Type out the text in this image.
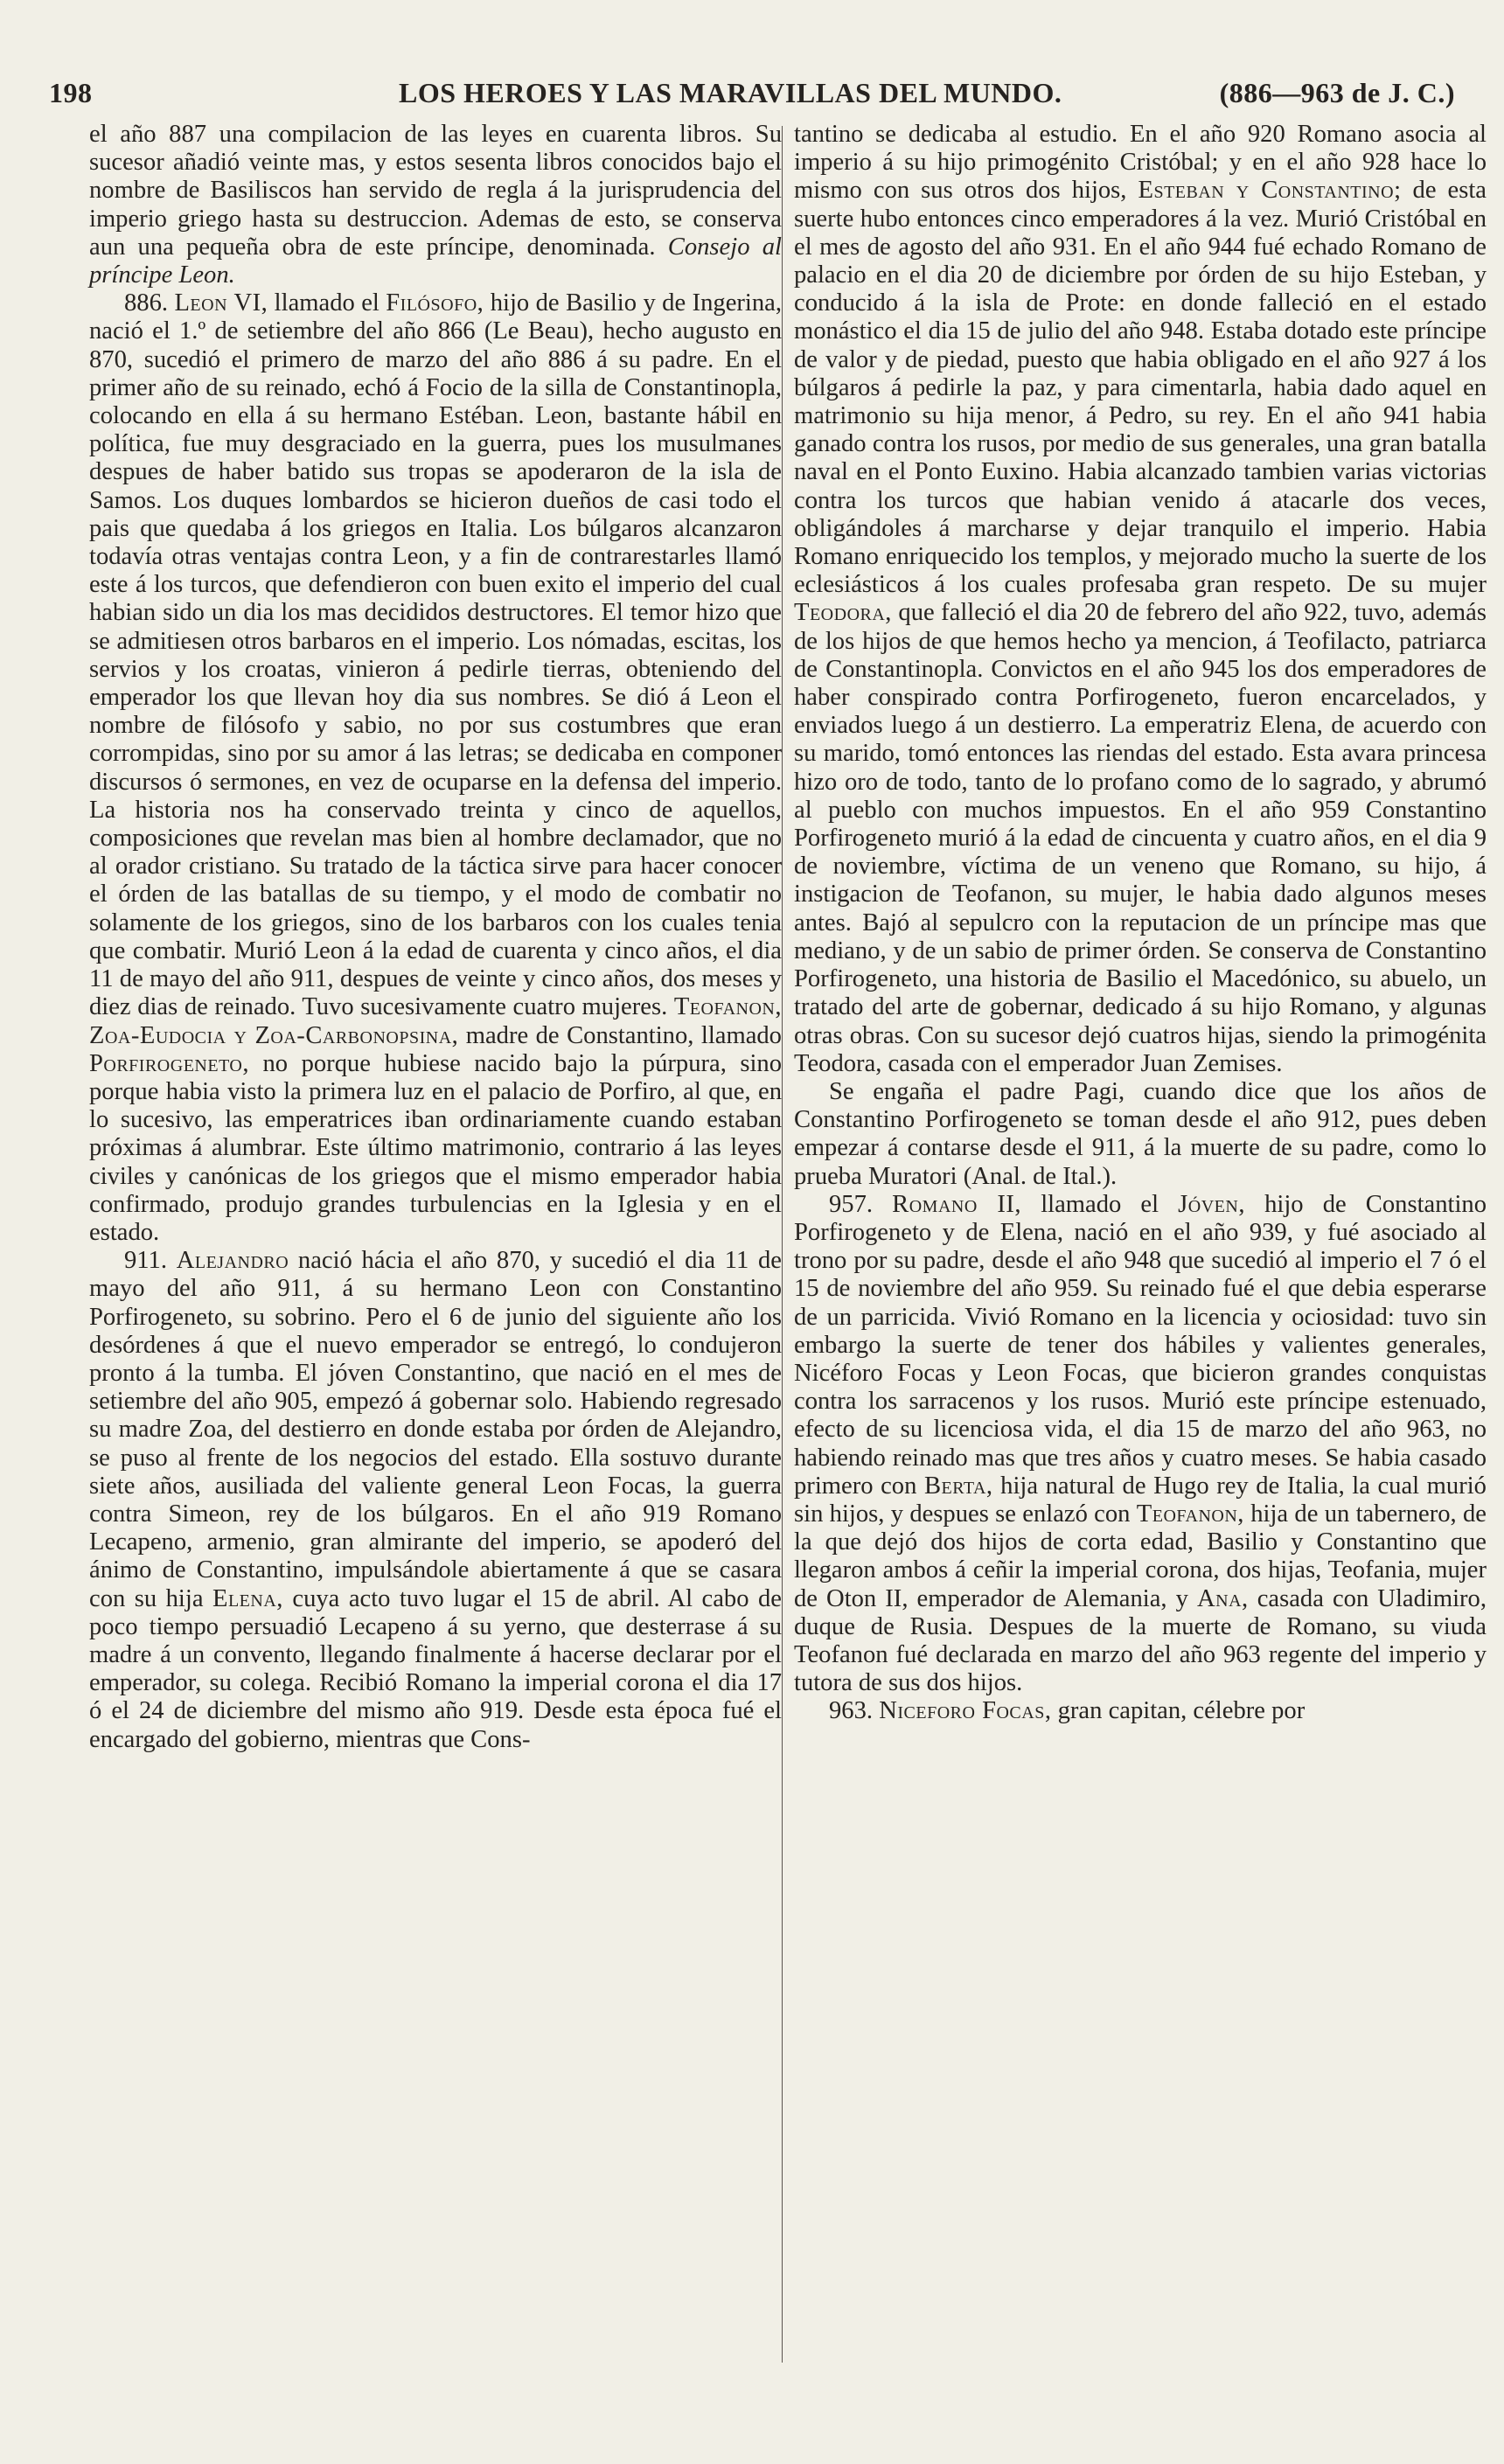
198	LOS HEROES Y LAS MARAVILLAS DEL MUNDO.	(886—963 de J. C.)

el año 887 una compilacion de las leyes en cuarenta libros. Su sucesor añadió veinte mas, y estos sesenta libros conocidos bajo el nombre de Basiliscos han servido de regla á la jurisprudencia del imperio griego hasta su destruccion. Ademas de esto, se conserva aun una pequeña obra de este príncipe, denominada. Consejo al príncipe Leon.

886. Leon VI, llamado el Filósofo, hijo de Basilio y de Ingerina, nació el 1.º de setiembre del año 866 (Le Beau), hecho augusto en 870, sucedió el primero de marzo del año 886 á su padre. En el primer año de su reinado, echó á Focio de la silla de Constantinopla, colocando en ella á su hermano Estéban. Leon, bastante hábil en política, fue muy desgraciado en la guerra, pues los musulmanes despues de haber batido sus tropas se apoderaron de la isla de Samos. Los duques lombardos se hicieron dueños de casi todo el pais que quedaba á los griegos en Italia. Los búlgaros alcanzaron todavía otras ventajas contra Leon, y a fin de contrarestarles llamó este á los turcos, que defendieron con buen exito el imperio del cual habian sido un dia los mas decididos destructores. El temor hizo que se admitiesen otros barbaros en el imperio. Los nómadas, escitas, los servios y los croatas, vinieron á pedirle tierras, obteniendo del emperador los que llevan hoy dia sus nombres. Se dió á Leon el nombre de filósofo y sabio, no por sus costumbres que eran corrompidas, sino por su amor á las letras; se dedicaba en componer discursos ó sermones, en vez de ocuparse en la defensa del imperio. La historia nos ha conservado treinta y cinco de aquellos, composiciones que revelan mas bien al hombre declamador, que no al orador cristiano. Su tratado de la táctica sirve para hacer conocer el órden de las batallas de su tiempo, y el modo de combatir no solamente de los griegos, sino de los barbaros con los cuales tenia que combatir. Murió Leon á la edad de cuarenta y cinco años, el dia 11 de mayo del año 911, despues de veinte y cinco años, dos meses y diez dias de reinado. Tuvo sucesivamente cuatro mujeres. Teofanon, Zoa-Eudocia y Zoa-Carbonopsina, madre de Constantino, llamado Porfirogeneto, no porque hubiese nacido bajo la púrpura, sino porque habia visto la primera luz en el palacio de Porfiro, al que, en lo sucesivo, las emperatrices iban ordinariamente cuando estaban próximas á alumbrar. Este último matrimonio, contrario á las leyes civiles y canónicas de los griegos que el mismo emperador habia confirmado, produjo grandes turbulencias en la Iglesia y en el estado.

911. Alejandro nació hácia el año 870, y sucedió el dia 11 de mayo del año 911, á su hermano Leon con Constantino Porfirogeneto, su sobrino. Pero el 6 de junio del siguiente año los desórdenes á que el nuevo emperador se entregó, lo condujeron pronto á la tumba. El jóven Constantino, que nació en el mes de setiembre del año 905, empezó á gobernar solo. Habiendo regresado su madre Zoa, del destierro en donde estaba por órden de Alejandro, se puso al frente de los negocios del estado. Ella sostuvo durante siete años, ausiliada del valiente general Leon Focas, la guerra contra Simeon, rey de los búlgaros. En el año 919 Romano Lecapeno, armenio, gran almirante del imperio, se apoderó del ánimo de Constantino, impulsándole abiertamente á que se casara con su hija Elena, cuya acto tuvo lugar el 15 de abril. Al cabo de poco tiempo persuadió Lecapeno á su yerno, que desterrase á su madre á un convento, llegando finalmente á hacerse declarar por el emperador, su colega. Recibió Romano la imperial corona el dia 17 ó el 24 de diciembre del mismo año 919. Desde esta época fué el encargado del gobierno, mientras que Cons-

tantino se dedicaba al estudio. En el año 920 Romano asocia al imperio á su hijo primogénito Cristóbal; y en el año 928 hace lo mismo con sus otros dos hijos, Esteban y Constantino; de esta suerte hubo entonces cinco emperadores á la vez. Murió Cristóbal en el mes de agosto del año 931. En el año 944 fué echado Romano de palacio en el dia 20 de diciembre por órden de su hijo Esteban, y conducido á la isla de Prote: en donde falleció en el estado monástico el dia 15 de julio del año 948. Estaba dotado este príncipe de valor y de piedad, puesto que habia obligado en el año 927 á los búlgaros á pedirle la paz, y para cimentarla, habia dado aquel en matrimonio su hija menor, á Pedro, su rey. En el año 941 habia ganado contra los rusos, por medio de sus generales, una gran batalla naval en el Ponto Euxino. Habia alcanzado tambien varias victorias contra los turcos que habian venido á atacarle dos veces, obligándoles á marcharse y dejar tranquilo el imperio. Habia Romano enriquecido los templos, y mejorado mucho la suerte de los eclesiásticos á los cuales profesaba gran respeto. De su mujer Teodora, que falleció el dia 20 de febrero del año 922, tuvo, además de los hijos de que hemos hecho ya mencion, á Teofilacto, patriarca de Constantinopla. Convictos en el año 945 los dos emperadores de haber conspirado contra Porfirogeneto, fueron encarcelados, y enviados luego á un destierro. La emperatriz Elena, de acuerdo con su marido, tomó entonces las riendas del estado. Esta avara princesa hizo oro de todo, tanto de lo profano como de lo sagrado, y abrumó al pueblo con muchos impuestos. En el año 959 Constantino Porfirogeneto murió á la edad de cincuenta y cuatro años, en el dia 9 de noviembre, víctima de un veneno que Romano, su hijo, á instigacion de Teofanon, su mujer, le habia dado algunos meses antes. Bajó al sepulcro con la reputacion de un príncipe mas que mediano, y de un sabio de primer órden. Se conserva de Constantino Porfirogeneto, una historia de Basilio el Macedónico, su abuelo, un tratado del arte de gobernar, dedicado á su hijo Romano, y algunas otras obras. Con su sucesor dejó cuatros hijas, siendo la primogénita Teodora, casada con el emperador Juan Zemises.

Se engaña el padre Pagi, cuando dice que los años de Constantino Porfirogeneto se toman desde el año 912, pues deben empezar á contarse desde el 911, á la muerte de su padre, como lo prueba Muratori (Anal. de Ital.).

957. Romano II, llamado el Jóven, hijo de Constantino Porfirogeneto y de Elena, nació en el año 939, y fué asociado al trono por su padre, desde el año 948 que sucedió al imperio el 7 ó el 15 de noviembre del año 959. Su reinado fué el que debia esperarse de un parricida. Vivió Romano en la licencia y ociosidad: tuvo sin embargo la suerte de tener dos hábiles y valientes generales, Nicéforo Focas y Leon Focas, que bicieron grandes conquistas contra los sarracenos y los rusos. Murió este príncipe estenuado, efecto de su licenciosa vida, el dia 15 de marzo del año 963, no habiendo reinado mas que tres años y cuatro meses. Se habia casado primero con Berta, hija natural de Hugo rey de Italia, la cual murió sin hijos, y despues se enlazó con Teofanon, hija de un tabernero, de la que dejó dos hijos de corta edad, Basilio y Constantino que llegaron ambos á ceñir la imperial corona, dos hijas, Teofania, mujer de Oton II, emperador de Alemania, y Ana, casada con Uladimiro, duque de Rusia. Despues de la muerte de Romano, su viuda Teofanon fué declarada en marzo del año 963 regente del imperio y tutora de sus dos hijos.

963. Niceforo Focas, gran capitan, célebre por
